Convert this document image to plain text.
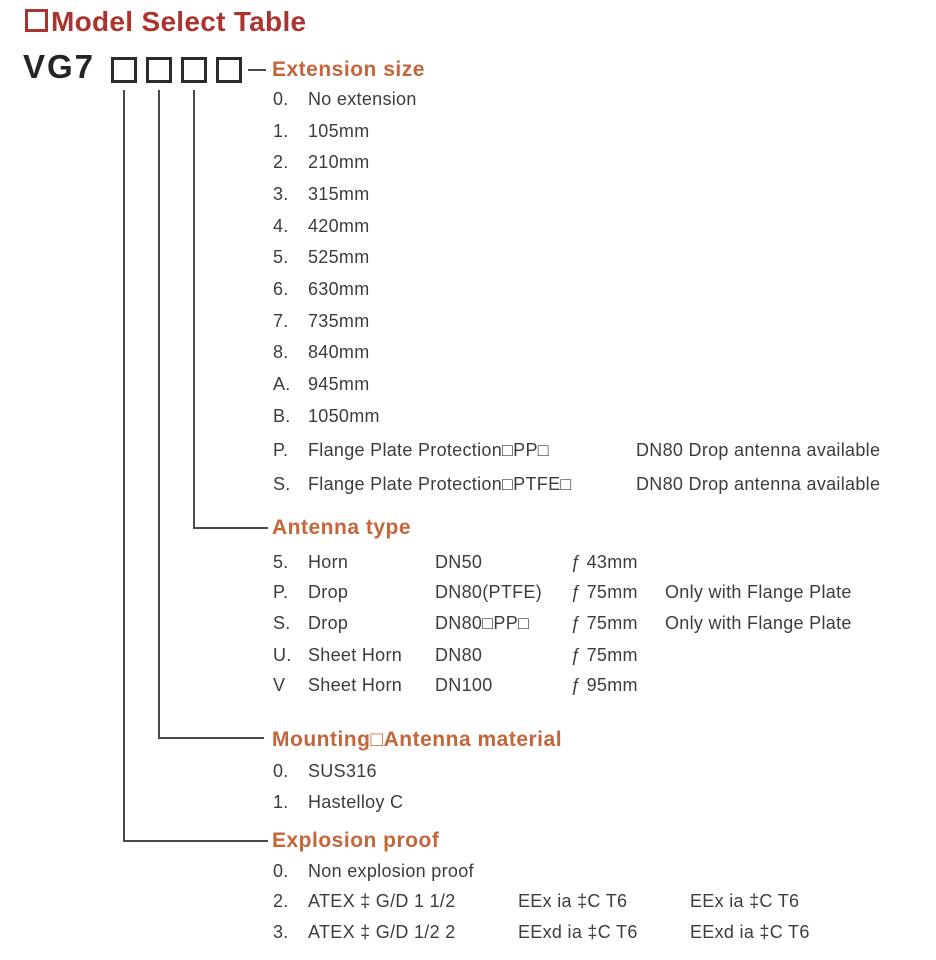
Model Select Table
VG7	Extension size
0.	No extension
1.	105mm
2.	210mm
3.	315mm
4.	420mm
5.	525mm
6.	630mm
7.	735mm
8.	840mm
A. 945mm
B. 1050mm
P.	Flange Plate Protection□PP□	DN80 Drop antenna available
S. Flange Plate Protection□PTFE□	DN80 Drop antenna available
Antenna type
5.	Horn	DN50	ƒ 43mm
P.	Drop	DN80(PTFE)	ƒ 75mm	Only with Flange Plate
S. Drop	DN80□PP□	ƒ 75mm	Only with Flange Plate
U. Sheet Horn	DN80	ƒ 75mm
V	Sheet Horn	DN100	ƒ 95mm
Mounting□Antenna material
0.	SUS316
1.	Hastelloy C
Explosion proof
0.	Non explosion proof
2.	ATEX ‡ G/D 1 1/2	EEx ia ‡C T6	EEx ia ‡C T6
3.	ATEX ‡ G/D 1/2 2	EExd ia ‡C T6	EExd ia ‡C T6
